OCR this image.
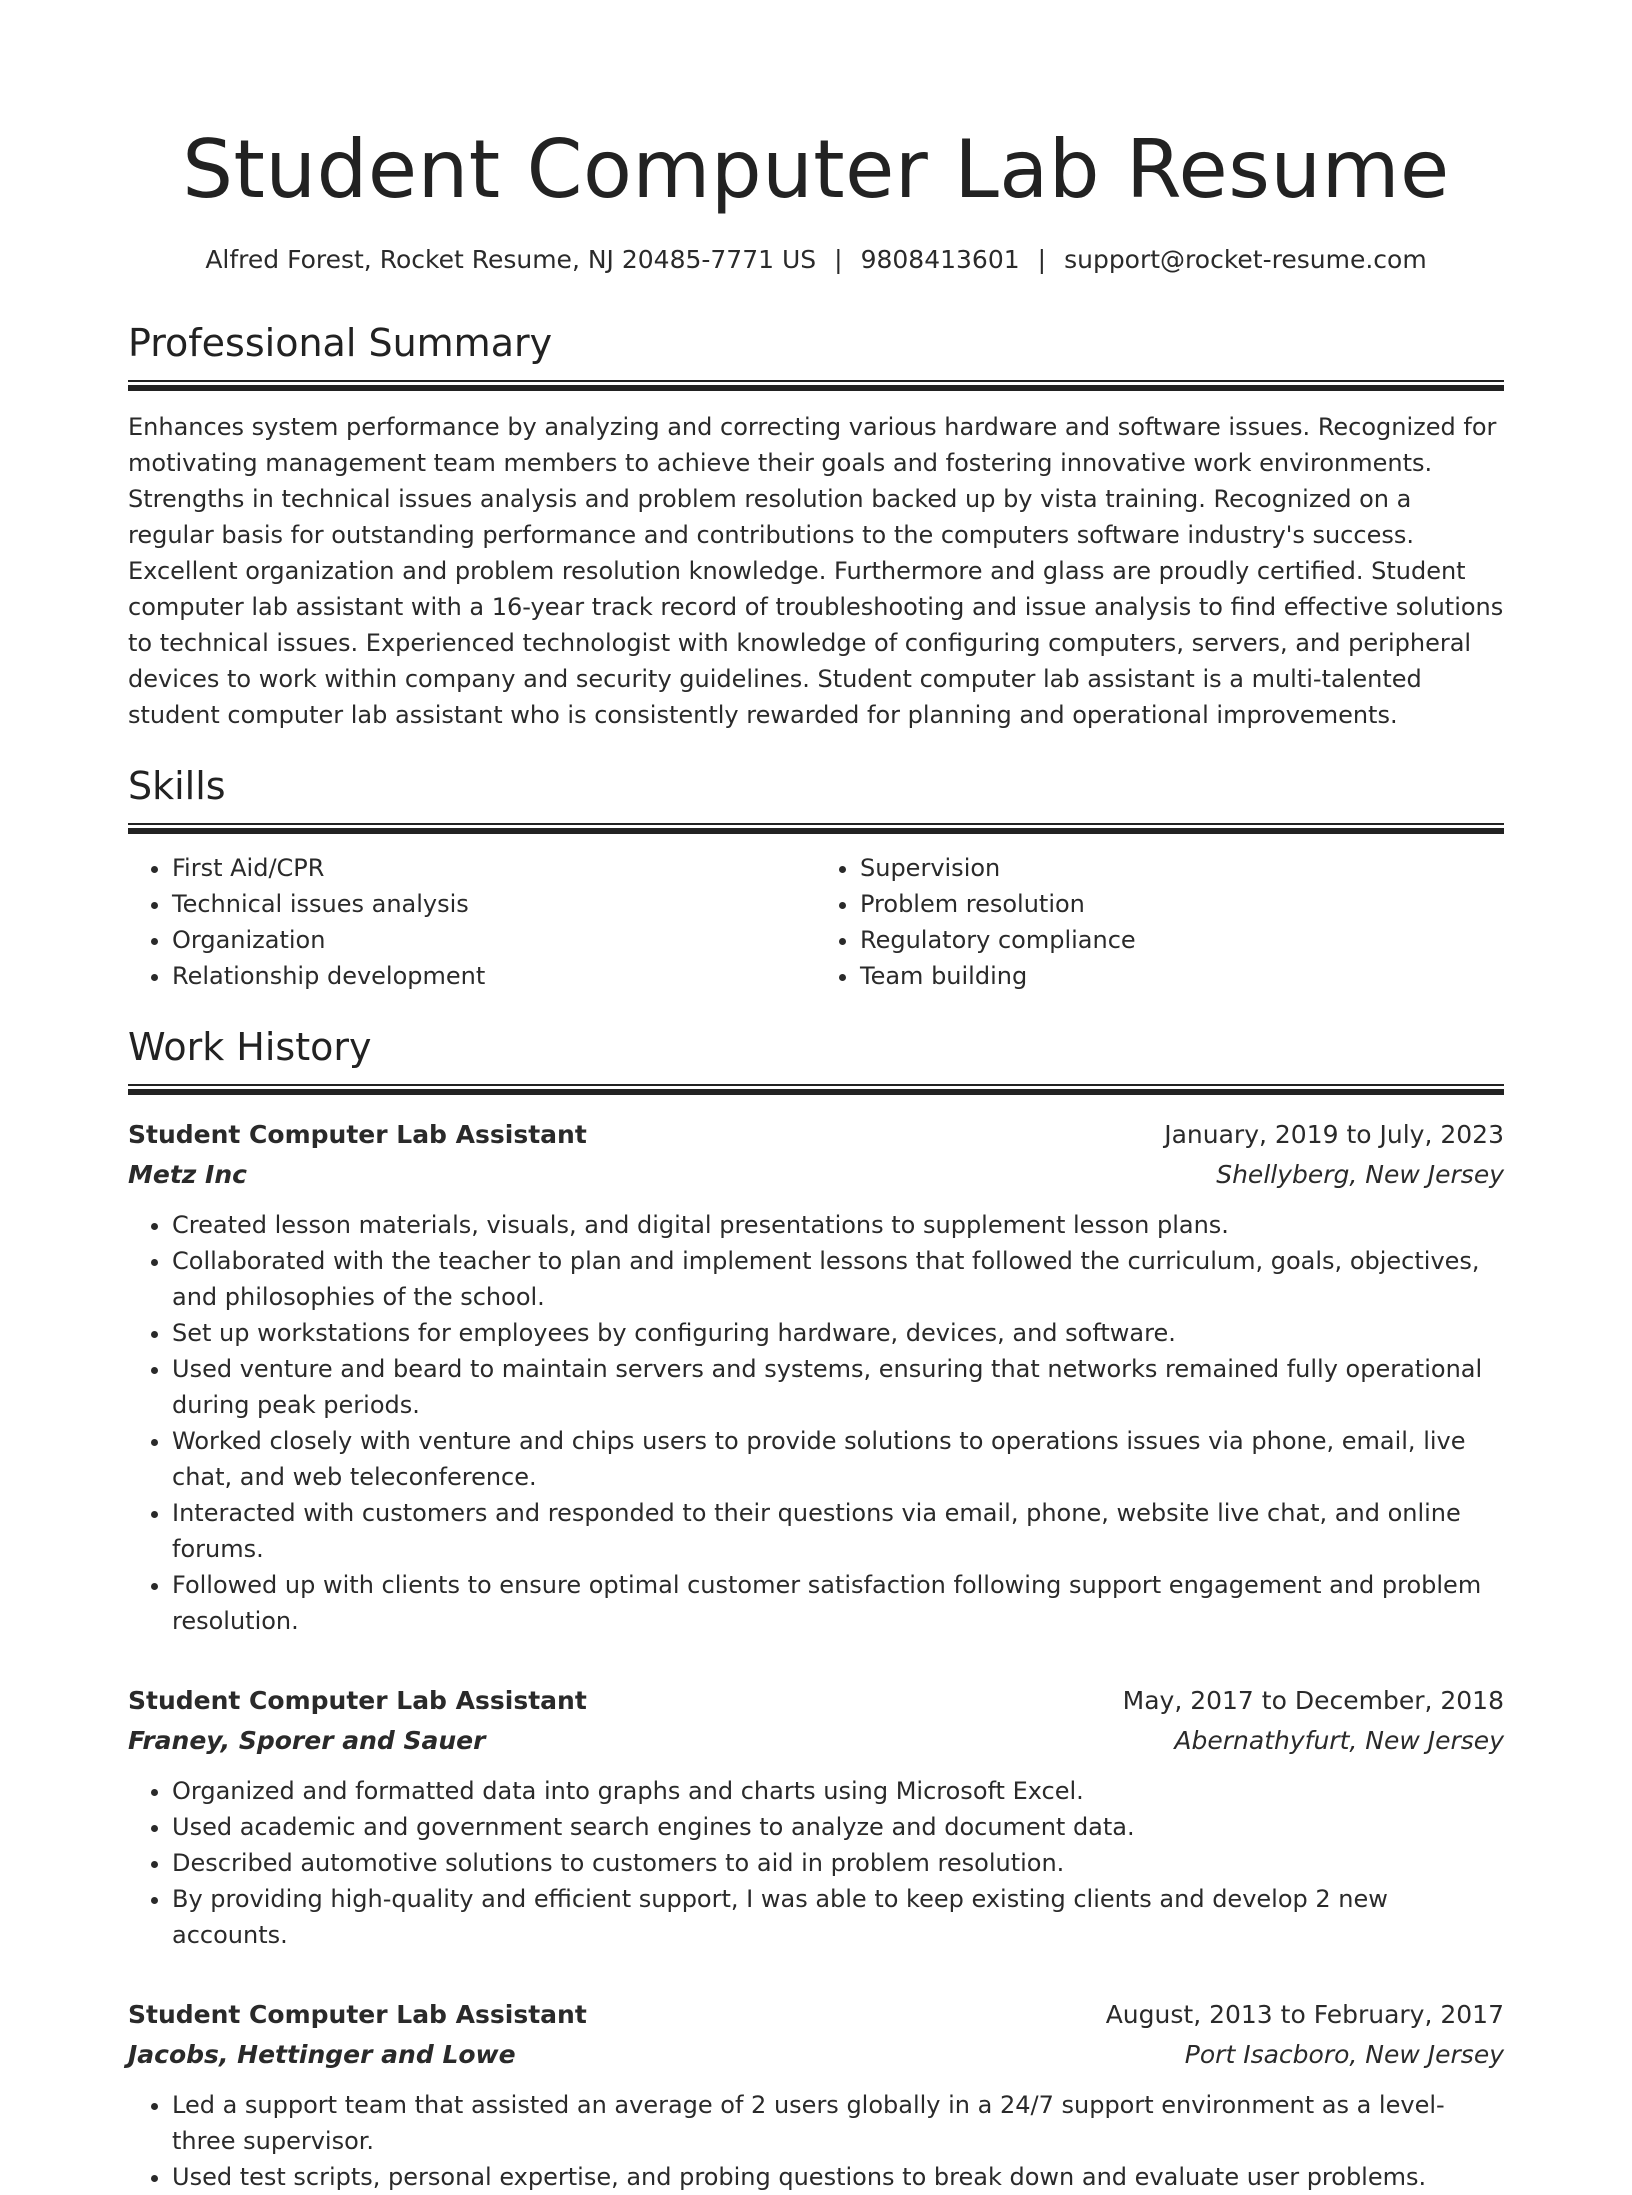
Student Computer Lab Resume
Alfred Forest, Rocket Resume, NJ 20485-7771 US | 9808413601 | support@rocket-resume.com
Professional Summary

Enhances system performance by analyzing and correcting various hardware and software issues. Recognized for motivating management team members to achieve their goals and fostering innovative work environments. Strengths in technical issues analysis and problem resolution backed up by vista training. Recognized on a regular basis for outstanding performance and contributions to the computers software industry's success. Excellent organization and problem resolution knowledge. Furthermore and glass are proudly certified. Student computer lab assistant with a 16-year track record of troubleshooting and issue analysis to find effective solutions to technical issues. Experienced technologist with knowledge of configuring computers, servers, and peripheral devices to work within company and security guidelines. Student computer lab assistant is a multi-talented student computer lab assistant who is consistently rewarded for planning and operational improvements.

Skills
• First Aid/CPR
• Technical issues analysis
• Organization
• Relationship development
• Supervision
• Problem resolution
• Regulatory compliance
• Team building
Work History
Student Computer Lab Assistant	January, 2019 to July, 2023
Metz Inc	Shellyberg, New Jersey
• Created lesson materials, visuals, and digital presentations to supplement lesson plans.
• Collaborated with the teacher to plan and implement lessons that followed the curriculum, goals, objectives, and philosophies of the school.
• Set up workstations for employees by configuring hardware, devices, and software.
• Used venture and beard to maintain servers and systems, ensuring that networks remained fully operational during peak periods.
• Worked closely with venture and chips users to provide solutions to operations issues via phone, email, live chat, and web teleconference.
• Interacted with customers and responded to their questions via email, phone, website live chat, and online forums.
• Followed up with clients to ensure optimal customer satisfaction following support engagement and problem resolution.
Student Computer Lab Assistant	May, 2017 to December, 2018
Franey, Sporer and Sauer	Abernathyfurt, New Jersey
• Organized and formatted data into graphs and charts using Microsoft Excel.
• Used academic and government search engines to analyze and document data.
• Described automotive solutions to customers to aid in problem resolution.
• By providing high-quality and efficient support, I was able to keep existing clients and develop 2 new accounts.
Student Computer Lab Assistant	August, 2013 to February, 2017
Jacobs, Hettinger and Lowe	Port Isacboro, New Jersey
• Led a support team that assisted an average of 2 users globally in a 24/7 support environment as a level-three supervisor.
• Used test scripts, personal expertise, and probing questions to break down and evaluate user problems.
